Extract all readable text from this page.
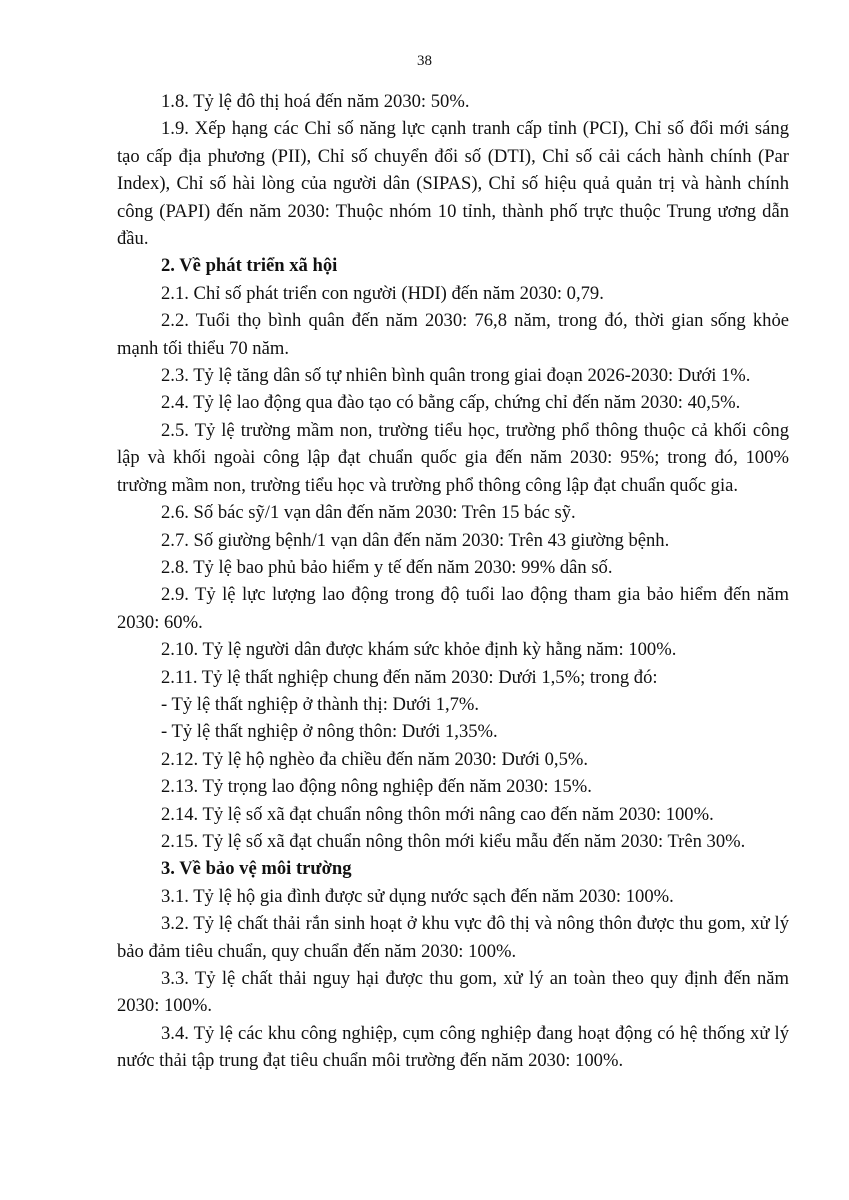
38

1.8. Tỷ lệ đô thị hoá đến năm 2030: 50%.

1.9. Xếp hạng các Chỉ số năng lực cạnh tranh cấp tỉnh (PCI), Chỉ số đổi mới sáng tạo cấp địa phương (PII), Chỉ số chuyển đổi số (DTI), Chỉ số cải cách hành chính (Par Index), Chỉ số hài lòng của người dân (SIPAS), Chỉ số hiệu quả quản trị và hành chính công (PAPI) đến năm 2030: Thuộc nhóm 10 tỉnh, thành phố trực thuộc Trung ương dẫn đầu.

2. Về phát triển xã hội

2.1. Chỉ số phát triển con người (HDI) đến năm 2030: 0,79.

2.2. Tuổi thọ bình quân đến năm 2030: 76,8 năm, trong đó, thời gian sống khỏe mạnh tối thiểu 70 năm.

2.3. Tỷ lệ tăng dân số tự nhiên bình quân trong giai đoạn 2026-2030: Dưới 1%.

2.4. Tỷ lệ lao động qua đào tạo có bằng cấp, chứng chỉ đến năm 2030: 40,5%.

2.5. Tỷ lệ trường mầm non, trường tiểu học, trường phổ thông thuộc cả khối công lập và khối ngoài công lập đạt chuẩn quốc gia đến năm 2030: 95%; trong đó, 100% trường mầm non, trường tiểu học và trường phổ thông công lập đạt chuẩn quốc gia.

2.6. Số bác sỹ/1 vạn dân đến năm 2030: Trên 15 bác sỹ.

2.7. Số giường bệnh/1 vạn dân đến năm 2030: Trên 43 giường bệnh.

2.8. Tỷ lệ bao phủ bảo hiểm y tế đến năm 2030: 99% dân số.

2.9. Tỷ lệ lực lượng lao động trong độ tuổi lao động tham gia bảo hiểm đến năm 2030: 60%.

2.10. Tỷ lệ người dân được khám sức khỏe định kỳ hằng năm: 100%.

2.11. Tỷ lệ thất nghiệp chung đến năm 2030: Dưới 1,5%; trong đó:

- Tỷ lệ thất nghiệp ở thành thị: Dưới 1,7%.

- Tỷ lệ thất nghiệp ở nông thôn: Dưới 1,35%.

2.12. Tỷ lệ hộ nghèo đa chiều đến năm 2030: Dưới 0,5%.

2.13. Tỷ trọng lao động nông nghiệp đến năm 2030: 15%.

2.14. Tỷ lệ số xã đạt chuẩn nông thôn mới nâng cao đến năm 2030: 100%.

2.15. Tỷ lệ số xã đạt chuẩn nông thôn mới kiểu mẫu đến năm 2030: Trên 30%.

3. Về bảo vệ môi trường

3.1. Tỷ lệ hộ gia đình được sử dụng nước sạch đến năm 2030: 100%.

3.2. Tỷ lệ chất thải rắn sinh hoạt ở khu vực đô thị và nông thôn được thu gom, xử lý bảo đảm tiêu chuẩn, quy chuẩn đến năm 2030: 100%.

3.3. Tỷ lệ chất thải nguy hại được thu gom, xử lý an toàn theo quy định đến năm 2030: 100%.

3.4. Tỷ lệ các khu công nghiệp, cụm công nghiệp đang hoạt động có hệ thống xử lý nước thải tập trung đạt tiêu chuẩn môi trường đến năm 2030: 100%.
